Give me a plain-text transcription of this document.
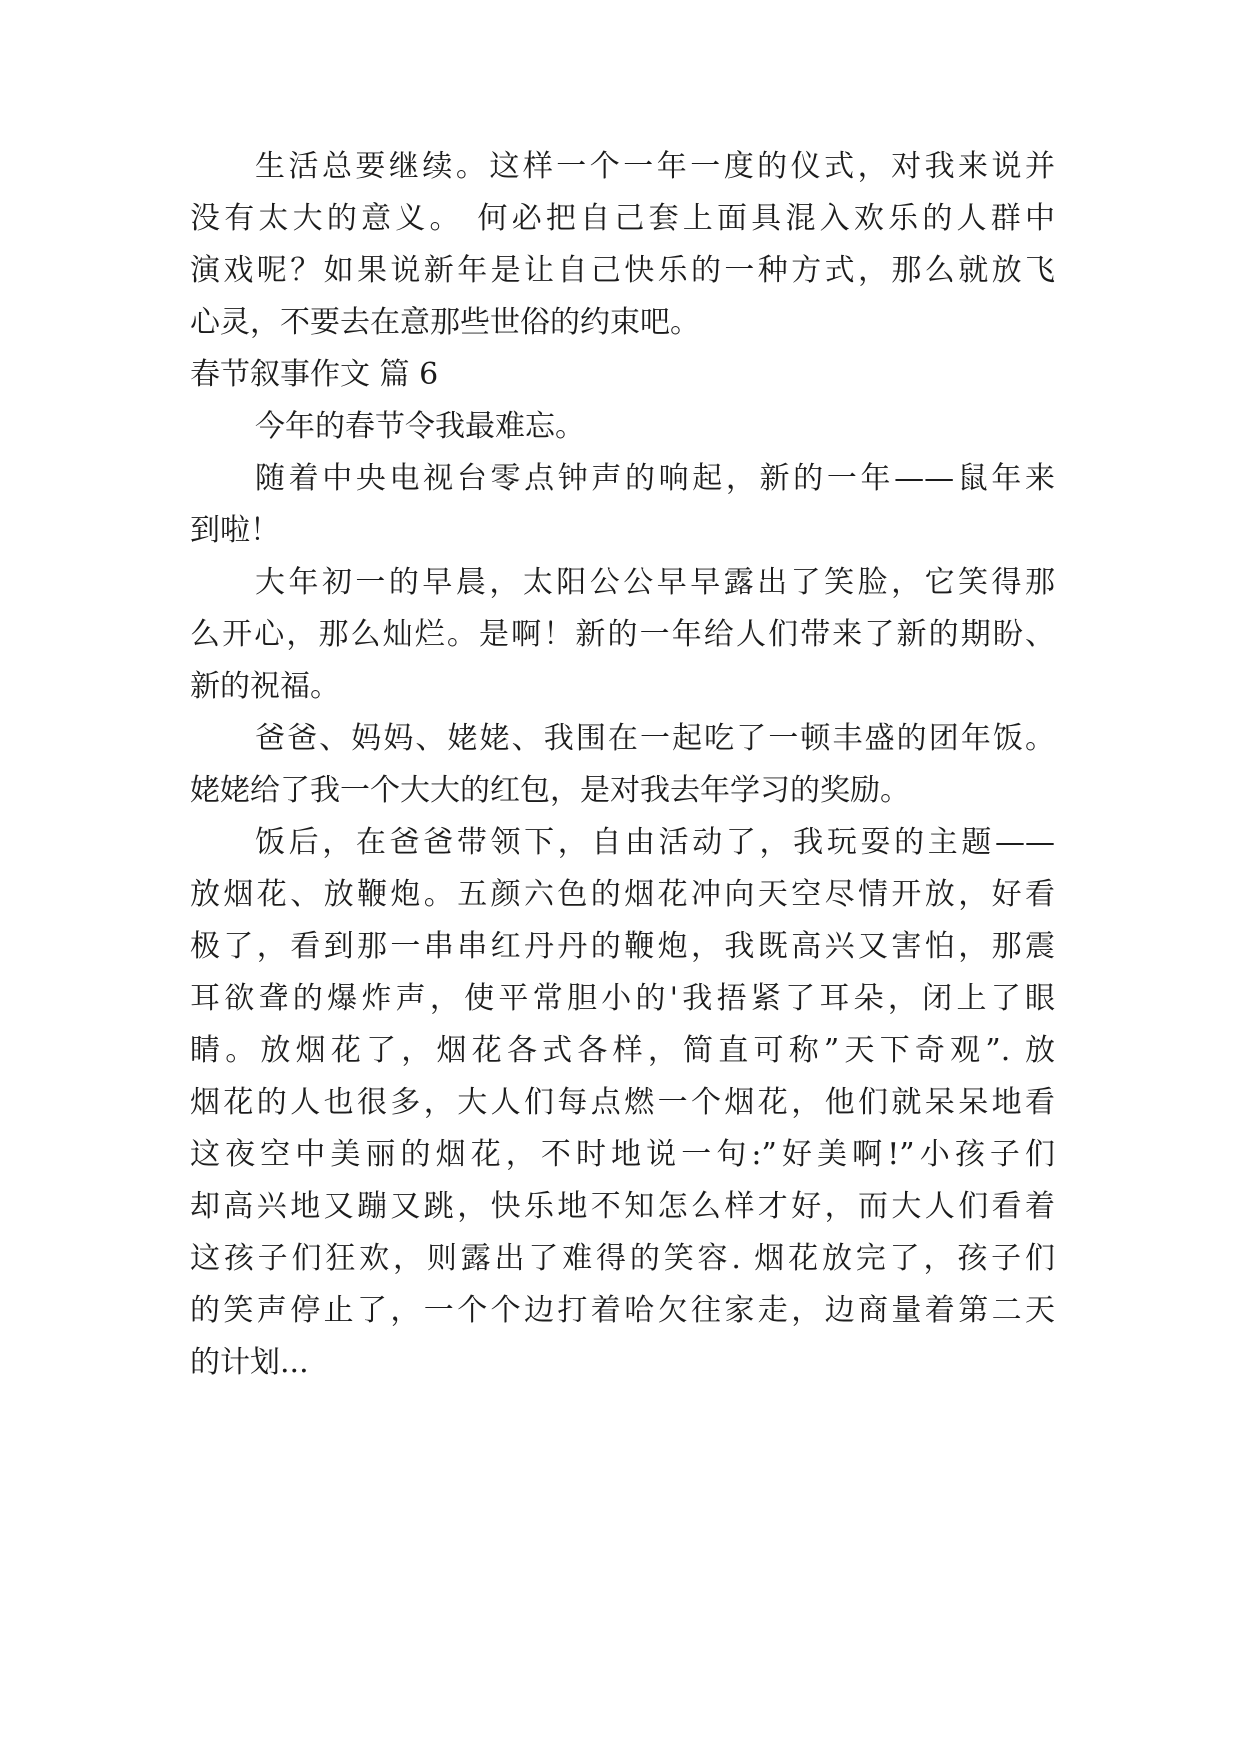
生活总要继续。这样一个一年一度的仪式，对我来说并

没有太大的意义。 何必把自己套上面具混入欢乐的人群中

演戏呢？如果说新年是让自己快乐的一种方式，那么就放飞

心灵，不要去在意那些世俗的约束吧。

春节叙事作文 篇 6

今年的春节令我最难忘。

随着中央电视台零点钟声的响起，新的一年——鼠年来

到啦！

大年初一的早晨，太阳公公早早露出了笑脸，它笑得那

么开心，那么灿烂。是啊！新的一年给人们带来了新的期盼、

新的祝福。

爸爸、妈妈、姥姥、我围在一起吃了一顿丰盛的团年饭。

姥姥给了我一个大大的红包，是对我去年学习的奖励。

饭后，在爸爸带领下，自由活动了，我玩耍的主题——

放烟花、放鞭炮。五颜六色的烟花冲向天空尽情开放，好看

极了，看到那一串串红丹丹的鞭炮，我既高兴又害怕，那震

耳欲聋的爆炸声，使平常胆小的'我捂紧了耳朵，闭上了眼

睛。放烟花了，烟花各式各样，简直可称”天下奇观”. 放

烟花的人也很多，大人们每点燃一个烟花，他们就呆呆地看

这夜空中美丽的烟花，不时地说一句:”好美啊!”小孩子们

却高兴地又蹦又跳，快乐地不知怎么样才好，而大人们看着

这孩子们狂欢，则露出了难得的笑容. 烟花放完了，孩子们

的笑声停止了，一个个边打着哈欠往家走，边商量着第二天

的计划...
